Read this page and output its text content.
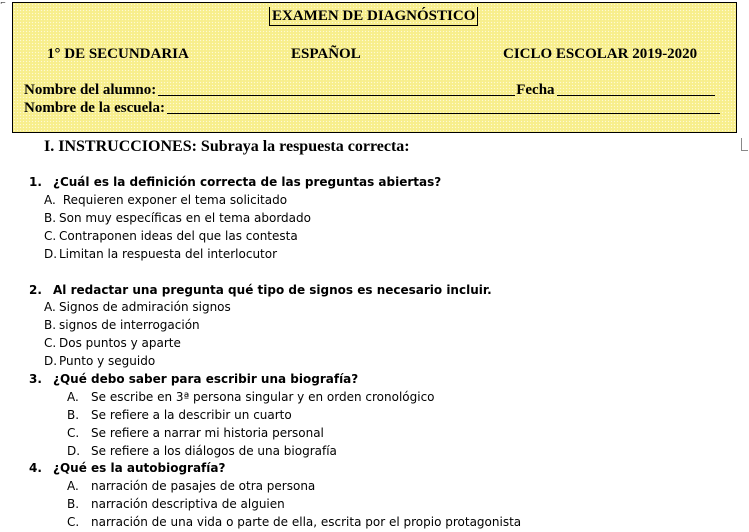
⌐
EXAMEN DE DIAGNÓSTICO
1° DE SECUNDARIA	ESPAÑOL	CICLO ESCOLAR 2019-2020
Nombre del alumno:	Fecha
Nombre de la escuela:
I. INSTRUCCIONES: Subraya la respuesta correcta:
1. ¿Cuál es la definición correcta de las preguntas abiertas?
A. Requieren exponer el tema solicitado
B. Son muy específicas en el tema abordado
C. Contraponen ideas del que las contesta
D. Limitan la respuesta del interlocutor
2. Al redactar una pregunta qué tipo de signos es necesario incluir.
A. Signos de admiración signos
B. signos de interrogación
C. Dos puntos y aparte
D. Punto y seguido
3. ¿Qué debo saber para escribir una biografía?
A. Se escribe en 3ª persona singular y en orden cronológico
B. Se refiere a la describir un cuarto
C. Se refiere a narrar mi historia personal
D. Se refiere a los diálogos de una biografía
4. ¿Qué es la autobiografía?
A. narración de pasajes de otra persona
B. narración descriptiva de alguien
C. narración de una vida o parte de ella, escrita por el propio protagonista
